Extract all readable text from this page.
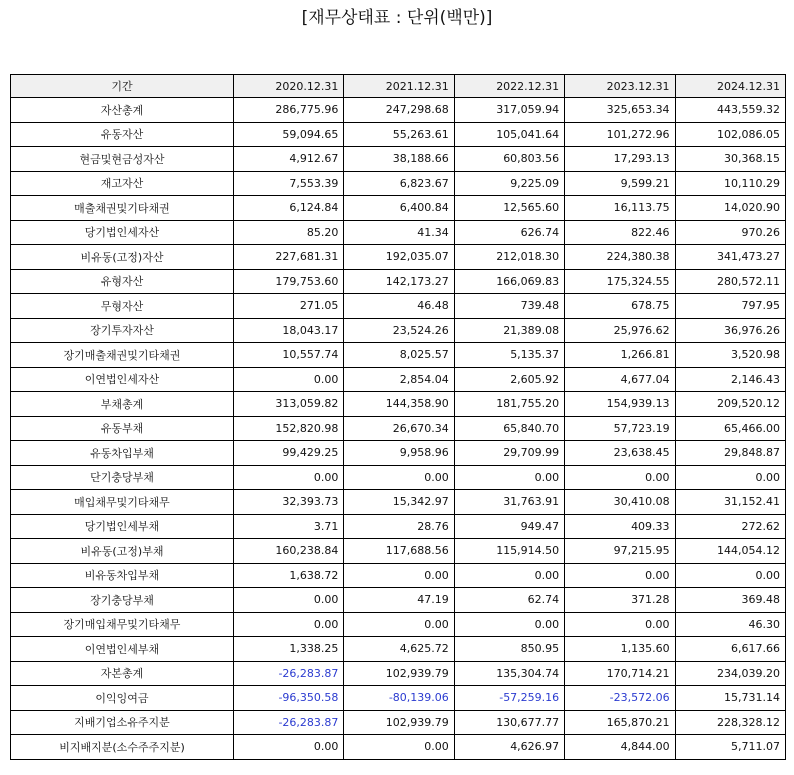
[재무상태표 : 단위(백만)]
기간	2020.12.31	2021.12.31	2022.12.31	2023.12.31	2024.12.31
자산총계	286,775.96	247,298.68	317,059.94	325,653.34	443,559.32
유동자산	59,094.65	55,263.61	105,041.64	101,272.96	102,086.05
현금및현금성자산	4,912.67	38,188.66	60,803.56	17,293.13	30,368.15
재고자산	7,553.39	6,823.67	9,225.09	9,599.21	10,110.29
매출채권및기타채권	6,124.84	6,400.84	12,565.60	16,113.75	14,020.90
당기법인세자산	85.20	41.34	626.74	822.46	970.26
비유동(고정)자산	227,681.31	192,035.07	212,018.30	224,380.38	341,473.27
유형자산	179,753.60	142,173.27	166,069.83	175,324.55	280,572.11
무형자산	271.05	46.48	739.48	678.75	797.95
장기투자자산	18,043.17	23,524.26	21,389.08	25,976.62	36,976.26
장기매출채권및기타채권	10,557.74	8,025.57	5,135.37	1,266.81	3,520.98
이연법인세자산	0.00	2,854.04	2,605.92	4,677.04	2,146.43
부채총계	313,059.82	144,358.90	181,755.20	154,939.13	209,520.12
유동부채	152,820.98	26,670.34	65,840.70	57,723.19	65,466.00
유동차입부채	99,429.25	9,958.96	29,709.99	23,638.45	29,848.87
단기충당부채	0.00	0.00	0.00	0.00	0.00
매입채무및기타채무	32,393.73	15,342.97	31,763.91	30,410.08	31,152.41
당기법인세부채	3.71	28.76	949.47	409.33	272.62
비유동(고정)부채	160,238.84	117,688.56	115,914.50	97,215.95	144,054.12
비유동차입부채	1,638.72	0.00	0.00	0.00	0.00
장기충당부채	0.00	47.19	62.74	371.28	369.48
장기매입채무및기타채무	0.00	0.00	0.00	0.00	46.30
이연법인세부채	1,338.25	4,625.72	850.95	1,135.60	6,617.66
자본총계	-26,283.87	102,939.79	135,304.74	170,714.21	234,039.20
이익잉여금	-96,350.58	-80,139.06	-57,259.16	-23,572.06	15,731.14
지배기업소유주지분	-26,283.87	102,939.79	130,677.77	165,870.21	228,328.12
비지배지분(소수주주지분)	0.00	0.00	4,626.97	4,844.00	5,711.07
